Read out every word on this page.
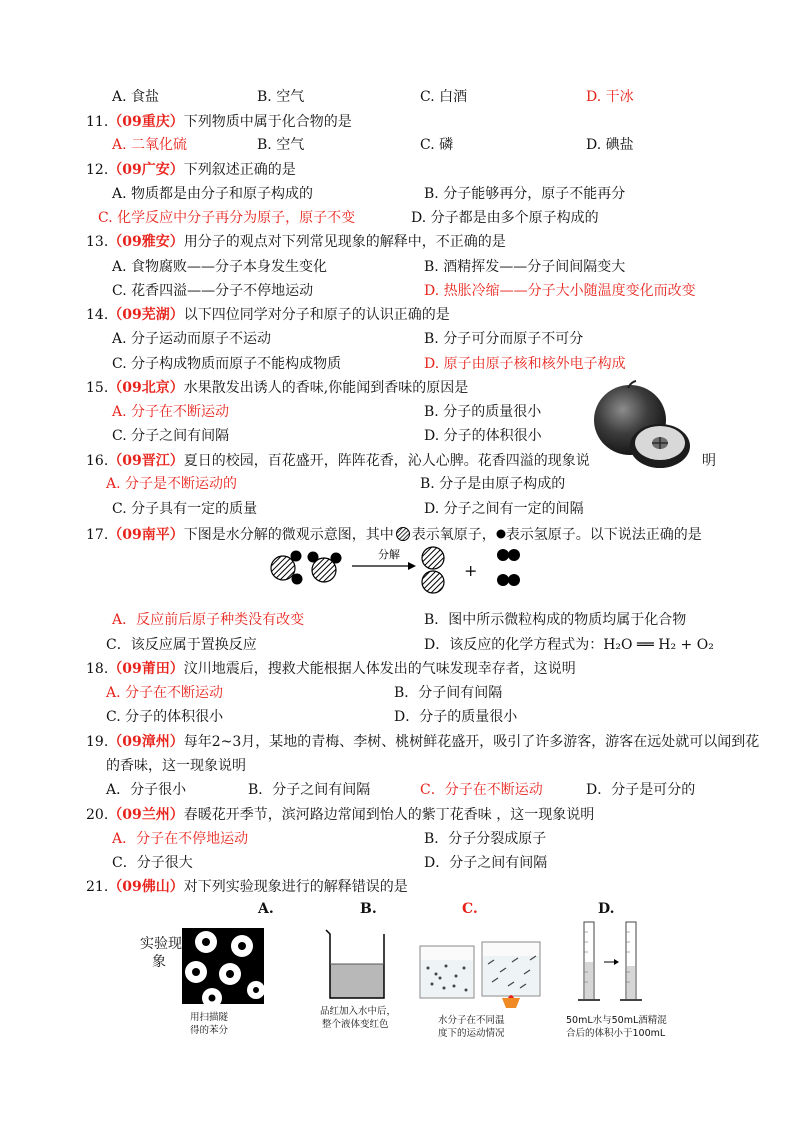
A. 食盐	B. 空气	C. 白酒	D. 干冰
11.（09重庆）下列物质中属于化合物的是
A. 二氧化硫	B. 空气	C. 磷	D. 碘盐
12.（09广安）下列叙述正确的是
A. 物质都是由分子和原子构成的	B. 分子能够再分，原子不能再分
C. 化学反应中分子再分为原子，原子不变	D. 分子都是由多个原子构成的
13.（09雅安）用分子的观点对下列常见现象的解释中，不正确的是
A. 食物腐败——分子本身发生变化	B. 酒精挥发——分子间间隔变大
C. 花香四溢——分子不停地运动	D. 热胀冷缩——分子大小随温度变化而改变
14.（09芜湖）以下四位同学对分子和原子的认识正确的是
A. 分子运动而原子不运动	B. 分子可分而原子不可分
C. 分子构成物质而原子不能构成物质	D. 原子由原子核和核外电子构成
15.（09北京）水果散发出诱人的香味,你能闻到香味的原因是
A. 分子在不断运动	B. 分子的质量很小
C. 分子之间有间隔	D. 分子的体积很小
16.（09晋江）夏日的校园，百花盛开，阵阵花香，沁人心脾。花香四溢的现象说	明
A. 分子是不断运动的	B. 分子是由原子构成的
C. 分子具有一定的质量	D. 分子之间有一定的间隔
17.（09南平）下图是水分解的微观示意图，其中 表示氧原子， 表示氢原子。以下说法正确的是
分解
+
A．反应前后原子种类没有改变	B．图中所示微粒构成的物质均属于化合物
C．该反应属于置换反应	D．该反应的化学方程式为：H₂O ══ H₂ + O₂
18.（09莆田）汶川地震后，搜救犬能根据人体发出的气味发现幸存者，这说明
A. 分子在不断运动	B．分子间有间隔
C. 分子的体积很小	D．分子的质量很小
19.（09漳州）每年2~3月，某地的青梅、李树、桃树鲜花盛开，吸引了许多游客，游客在远处就可以闻到花
的香味，这一现象说明
A．分子很小	B．分子之间有间隔	C．分子在不断运动	D．分子是可分的
20.（09兰州）春暖花开季节，滨河路边常闻到怡人的紫丁花香味 ，这一现象说明
A．分子在不停地运动	B．分子分裂成原子
C．分子很大	D．分子之间有间隔
21.（09佛山）对下列实验现象进行的解释错误的是
A.	B.	C.	D.
实验现
象
用扫描隧
得的苯分
品红加入水中后，
整个液体变红色	水分子在不同温
度下的运动情况
50mL水与50mL酒精混
合后的体积小于100mL
